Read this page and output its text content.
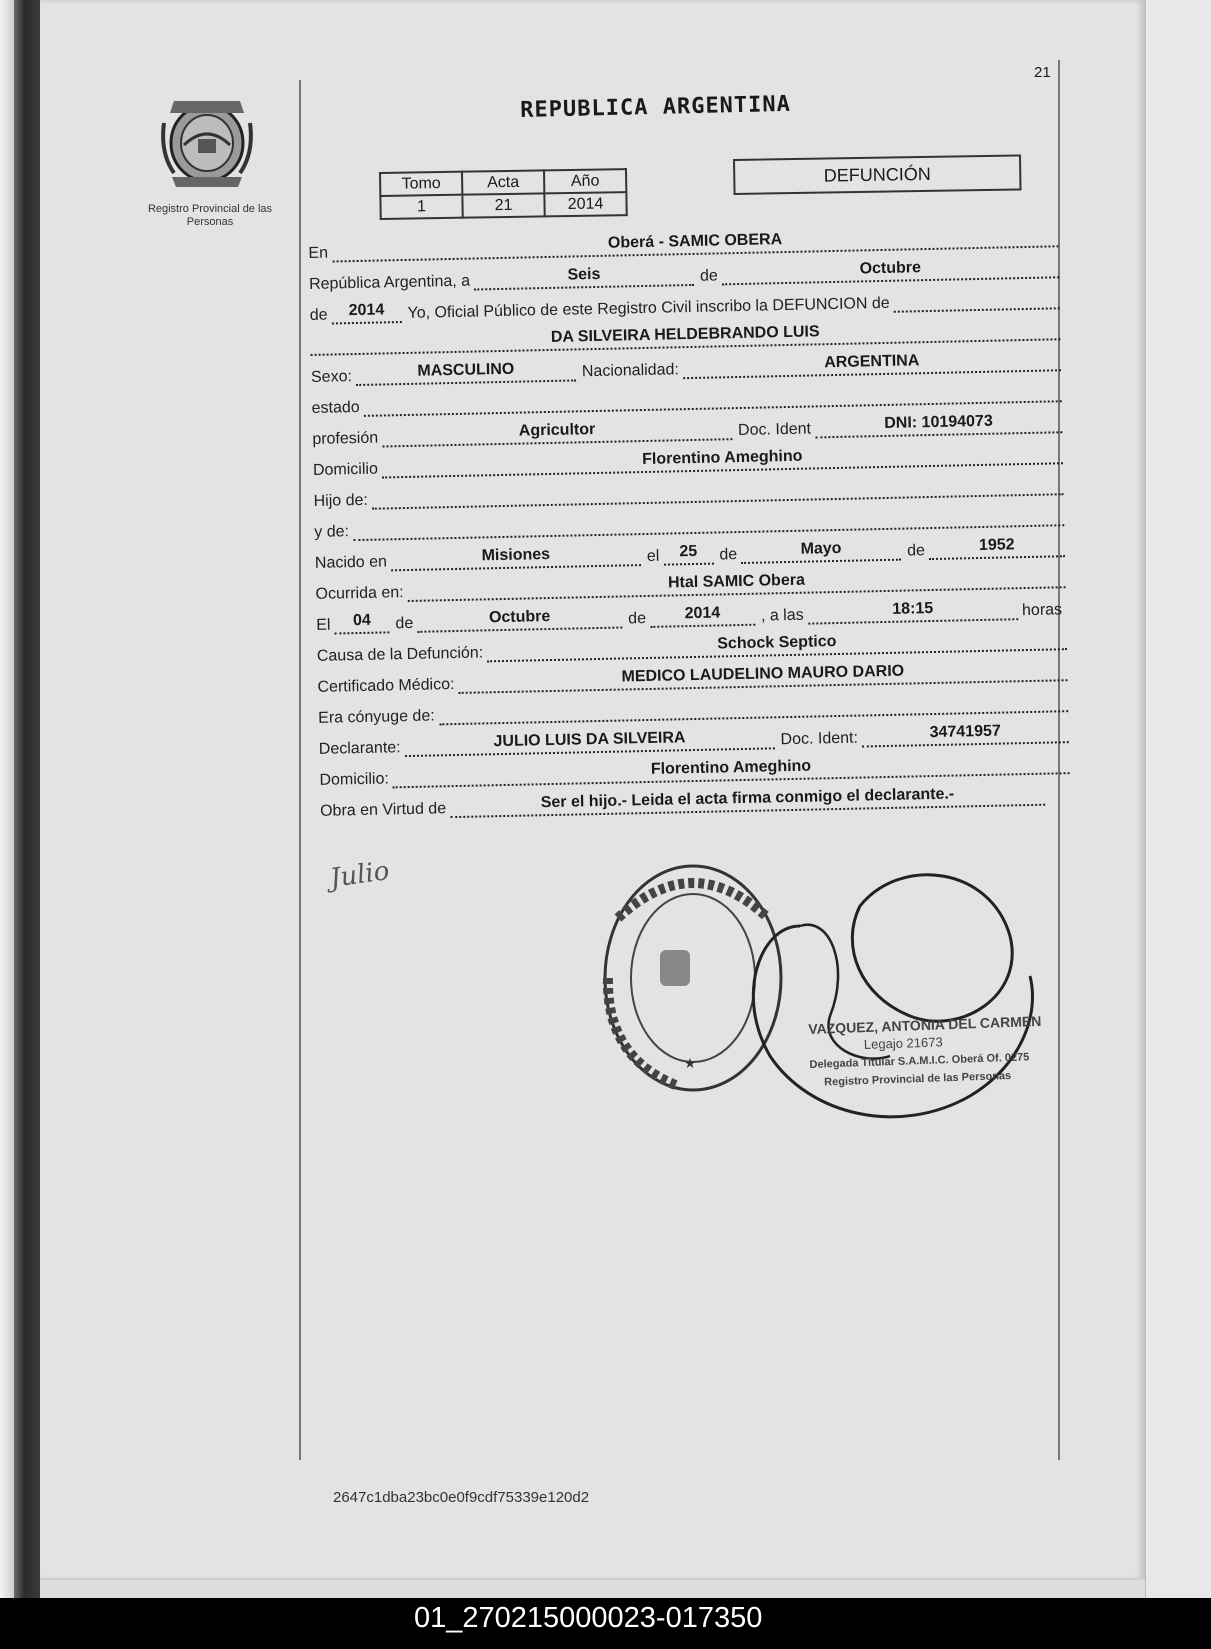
21
Registro Provincial de las Personas
REPUBLICA ARGENTINA
Tomo	Acta	Año
1	21	2014
DEFUNCIÓN
En
Oberá - SAMIC OBERA
República Argentina, a	Seis	de	Octubre
de	2014	Yo, Oficial Público de este Registro Civil inscribo la DEFUNCION de
DA SILVEIRA HELDEBRANDO LUIS
Sexo:	MASCULINO	Nacionalidad:	ARGENTINA
estado
profesión	Agricultor	Doc. Ident	DNI: 10194073
Domicilio
Florentino Ameghino
Hijo de:
y de:
Nacido en	Misiones	el	25	de	Mayo	de	1952
Ocurrida en:
Htal SAMIC Obera
El	04	de	Octubre	de	2014	, a las	18:15	horas
Causa de la Defunción:
Schock Septico
Certificado Médico:
MEDICO LAUDELINO MAURO DARIO
Era cónyuge de:
Declarante:	JULIO LUIS DA SILVEIRA	Doc. Ident:	34741957
Domicilio:
Florentino Ameghino
Obra en Virtud de	Ser el hijo.- Leida el acta firma conmigo el declarante.-
Julio
★
VAZQUEZ, ANTONIA DEL CARMEN
Legajo 21673
Delegada Titular S.A.M.I.C. Oberá Of. 0275
Registro Provincial de las Personas
2647c1dba23bc0e0f9cdf75339e120d2
01_270215000023-017350
